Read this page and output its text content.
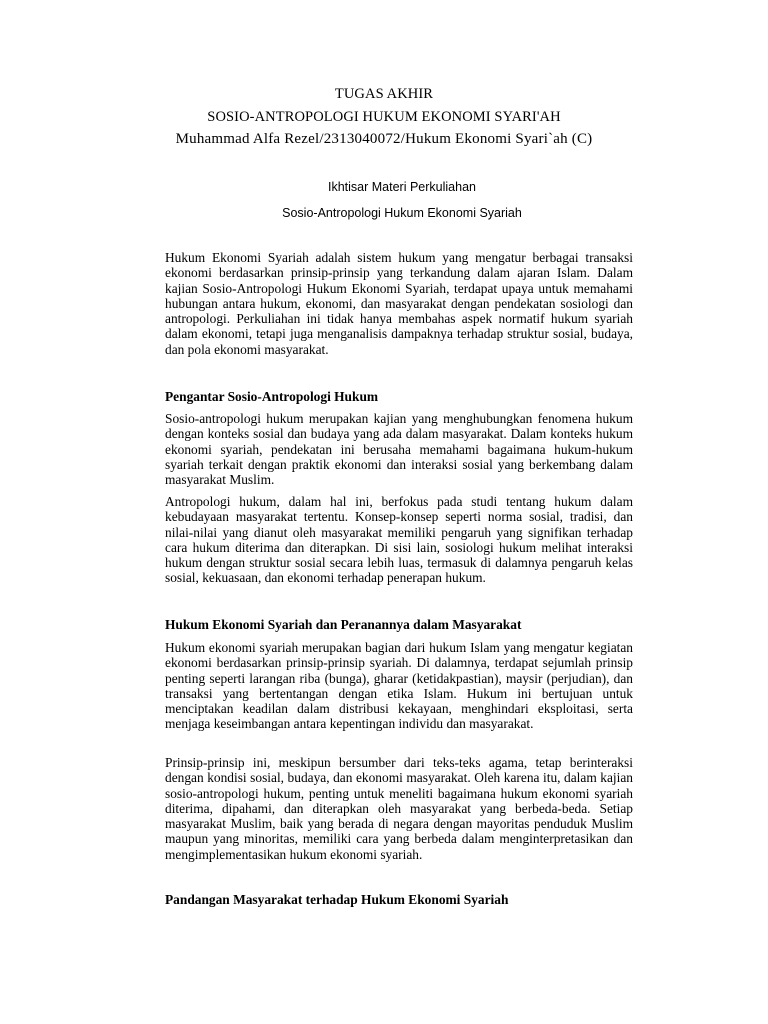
TUGAS AKHIR
SOSIO-ANTROPOLOGI HUKUM EKONOMI SYARI'AH
Muhammad Alfa Rezel/2313040072/Hukum Ekonomi Syari`ah (C)
Ikhtisar Materi Perkuliahan
Sosio-Antropologi Hukum Ekonomi Syariah

Hukum Ekonomi Syariah adalah sistem hukum yang mengatur berbagai transaksi ekonomi berdasarkan prinsip-prinsip yang terkandung dalam ajaran Islam. Dalam kajian Sosio-Antropologi Hukum Ekonomi Syariah, terdapat upaya untuk memahami hubungan antara hukum, ekonomi, dan masyarakat dengan pendekatan sosiologi dan antropologi. Perkuliahan ini tidak hanya membahas aspek normatif hukum syariah dalam ekonomi, tetapi juga menganalisis dampaknya terhadap struktur sosial, budaya, dan pola ekonomi masyarakat.

Pengantar Sosio-Antropologi Hukum

Sosio-antropologi hukum merupakan kajian yang menghubungkan fenomena hukum dengan konteks sosial dan budaya yang ada dalam masyarakat. Dalam konteks hukum ekonomi syariah, pendekatan ini berusaha memahami bagaimana hukum-hukum syariah terkait dengan praktik ekonomi dan interaksi sosial yang berkembang dalam masyarakat Muslim.

Antropologi hukum, dalam hal ini, berfokus pada studi tentang hukum dalam kebudayaan masyarakat tertentu. Konsep-konsep seperti norma sosial, tradisi, dan nilai-nilai yang dianut oleh masyarakat memiliki pengaruh yang signifikan terhadap cara hukum diterima dan diterapkan. Di sisi lain, sosiologi hukum melihat interaksi hukum dengan struktur sosial secara lebih luas, termasuk di dalamnya pengaruh kelas sosial, kekuasaan, dan ekonomi terhadap penerapan hukum.

Hukum Ekonomi Syariah dan Peranannya dalam Masyarakat

Hukum ekonomi syariah merupakan bagian dari hukum Islam yang mengatur kegiatan ekonomi berdasarkan prinsip-prinsip syariah. Di dalamnya, terdapat sejumlah prinsip penting seperti larangan riba (bunga), gharar (ketidakpastian), maysir (perjudian), dan transaksi yang bertentangan dengan etika Islam. Hukum ini bertujuan untuk menciptakan keadilan dalam distribusi kekayaan, menghindari eksploitasi, serta menjaga keseimbangan antara kepentingan individu dan masyarakat.

Prinsip-prinsip ini, meskipun bersumber dari teks-teks agama, tetap berinteraksi dengan kondisi sosial, budaya, dan ekonomi masyarakat. Oleh karena itu, dalam kajian sosio-antropologi hukum, penting untuk meneliti bagaimana hukum ekonomi syariah diterima, dipahami, dan diterapkan oleh masyarakat yang berbeda-beda. Setiap masyarakat Muslim, baik yang berada di negara dengan mayoritas penduduk Muslim maupun yang minoritas, memiliki cara yang berbeda dalam menginterpretasikan dan mengimplementasikan hukum ekonomi syariah.

Pandangan Masyarakat terhadap Hukum Ekonomi Syariah
